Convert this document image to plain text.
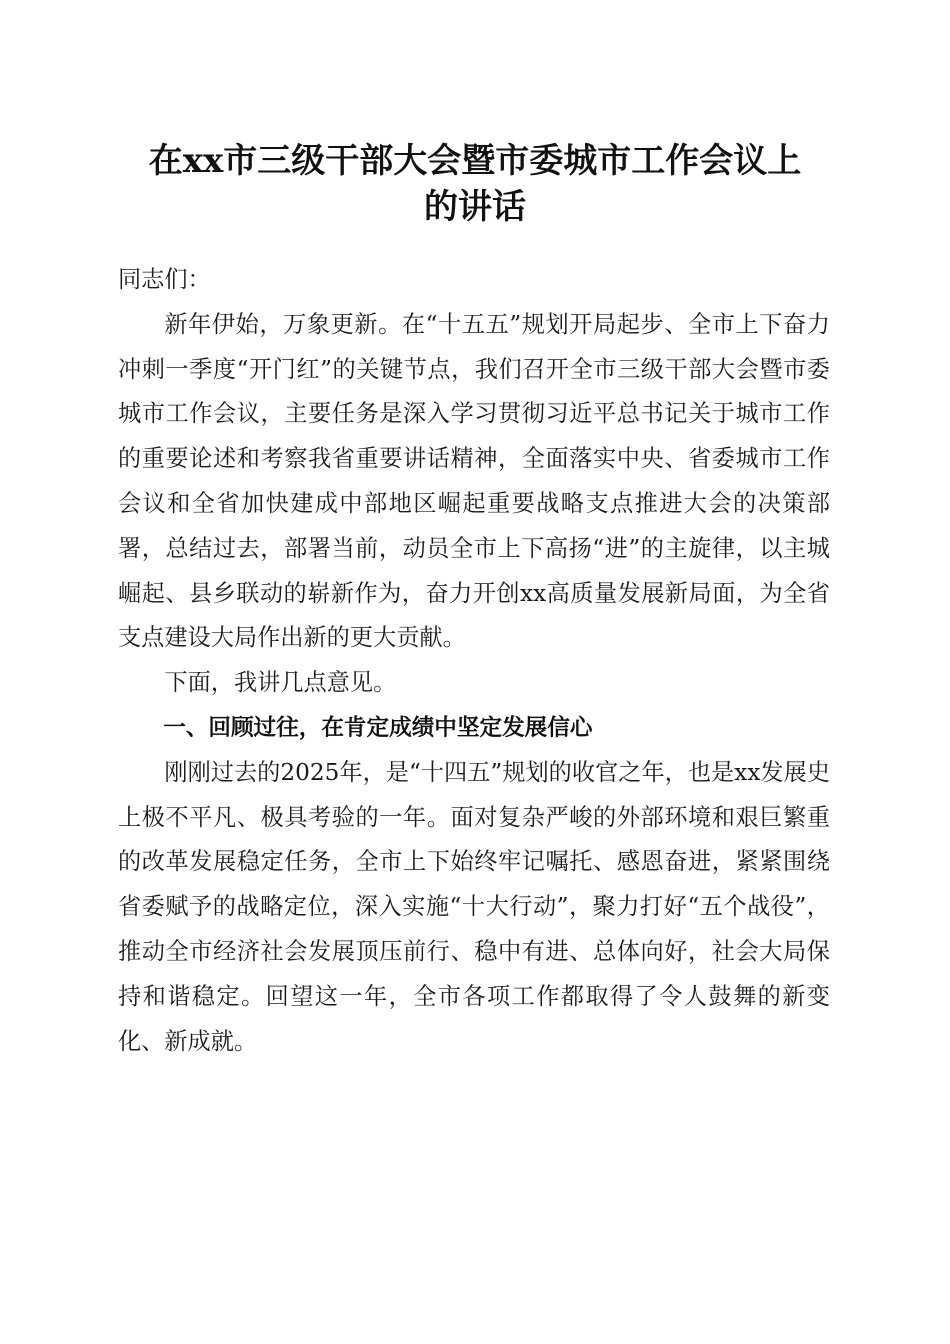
在xx市三级干部大会暨市委城市工作会议上
的讲话

同志们：

新年伊始，万象更新。在“十五五”规划开局起步、全市上下奋力冲刺一季度“开门红”的关键节点，我们召开全市三级干部大会暨市委城市工作会议，主要任务是深入学习贯彻习近平总书记关于城市工作的重要论述和考察我省重要讲话精神，全面落实中央、省委城市工作会议和全省加快建成中部地区崛起重要战略支点推进大会的决策部署，总结过去，部署当前，动员全市上下高扬“进”的主旋律，以主城崛起、县乡联动的崭新作为，奋力开创xx高质量发展新局面，为全省支点建设大局作出新的更大贡献。

下面，我讲几点意见。

一、回顾过往，在肯定成绩中坚定发展信心

刚刚过去的2025年，是“十四五”规划的收官之年，也是xx发展史上极不平凡、极具考验的一年。面对复杂严峻的外部环境和艰巨繁重的改革发展稳定任务，全市上下始终牢记嘱托、感恩奋进，紧紧围绕省委赋予的战略定位，深入实施“十大行动”，聚力打好“五个战役”，推动全市经济社会发展顶压前行、稳中有进、总体向好，社会大局保持和谐稳定。回望这一年，全市各项工作都取得了令人鼓舞的新变化、新成就。
